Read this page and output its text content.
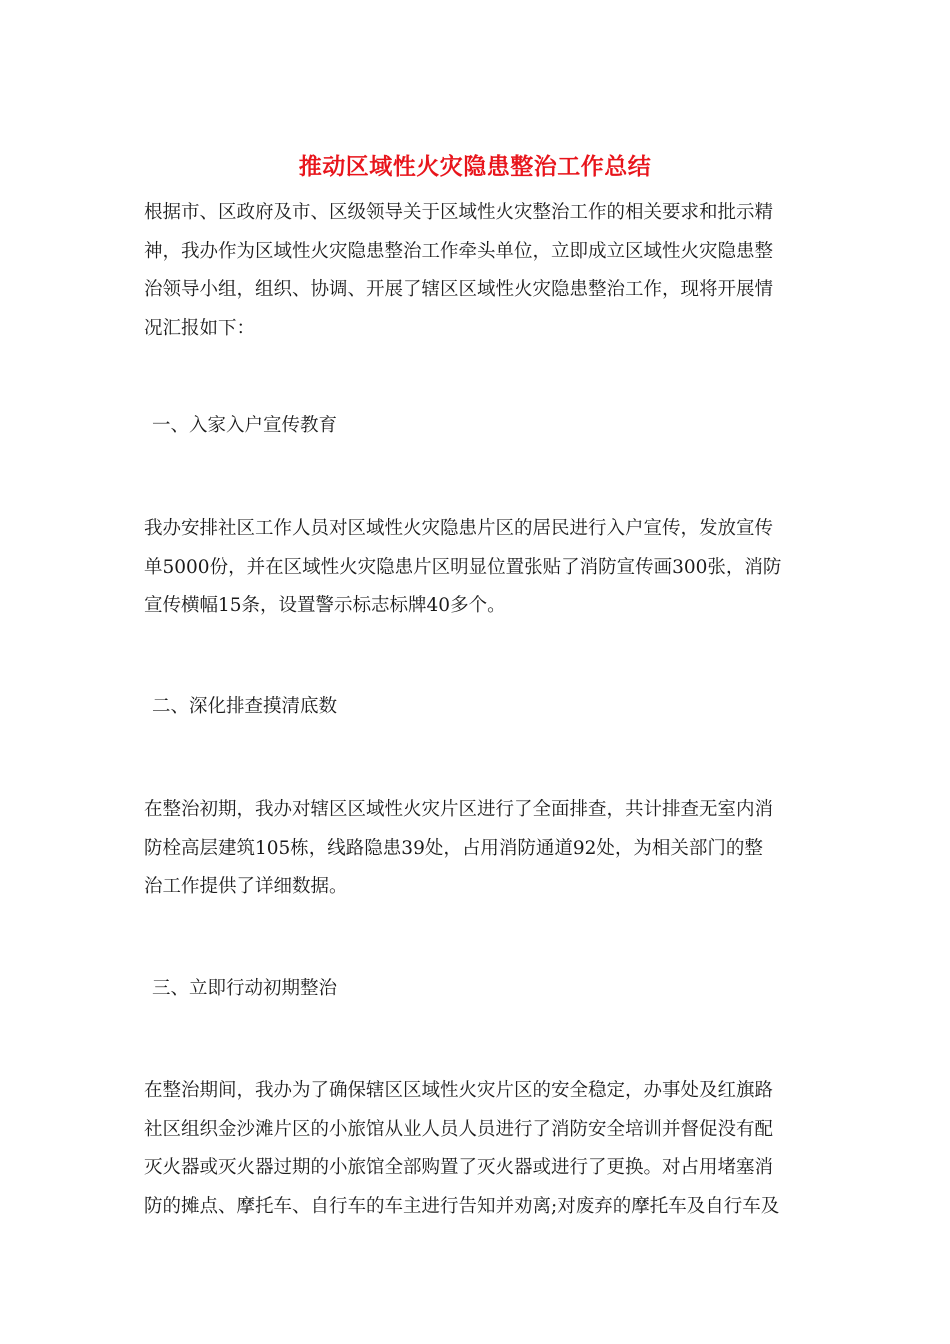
推动区域性火灾隐患整治工作总结
根据市、区政府及市、区级领导关于区域性火灾整治工作的相关要求和批示精
神，我办作为区域性火灾隐患整治工作牵头单位，立即成立区域性火灾隐患整
治领导小组，组织、协调、开展了辖区区域性火灾隐患整治工作，现将开展情
况汇报如下：
一、入家入户宣传教育
我办安排社区工作人员对区域性火灾隐患片区的居民进行入户宣传，发放宣传
单5000份，并在区域性火灾隐患片区明显位置张贴了消防宣传画300张，消防
宣传横幅15条，设置警示标志标牌40多个。
二、深化排查摸清底数
在整治初期，我办对辖区区域性火灾片区进行了全面排查，共计排查无室内消
防栓高层建筑105栋，线路隐患39处，占用消防通道92处，为相关部门的整
治工作提供了详细数据。
三、立即行动初期整治
在整治期间，我办为了确保辖区区域性火灾片区的安全稳定，办事处及红旗路
社区组织金沙滩片区的小旅馆从业人员人员进行了消防安全培训并督促没有配
灭火器或灭火器过期的小旅馆全部购置了灭火器或进行了更换。对占用堵塞消
防的摊点、摩托车、自行车的车主进行告知并劝离;对废弃的摩托车及自行车及
